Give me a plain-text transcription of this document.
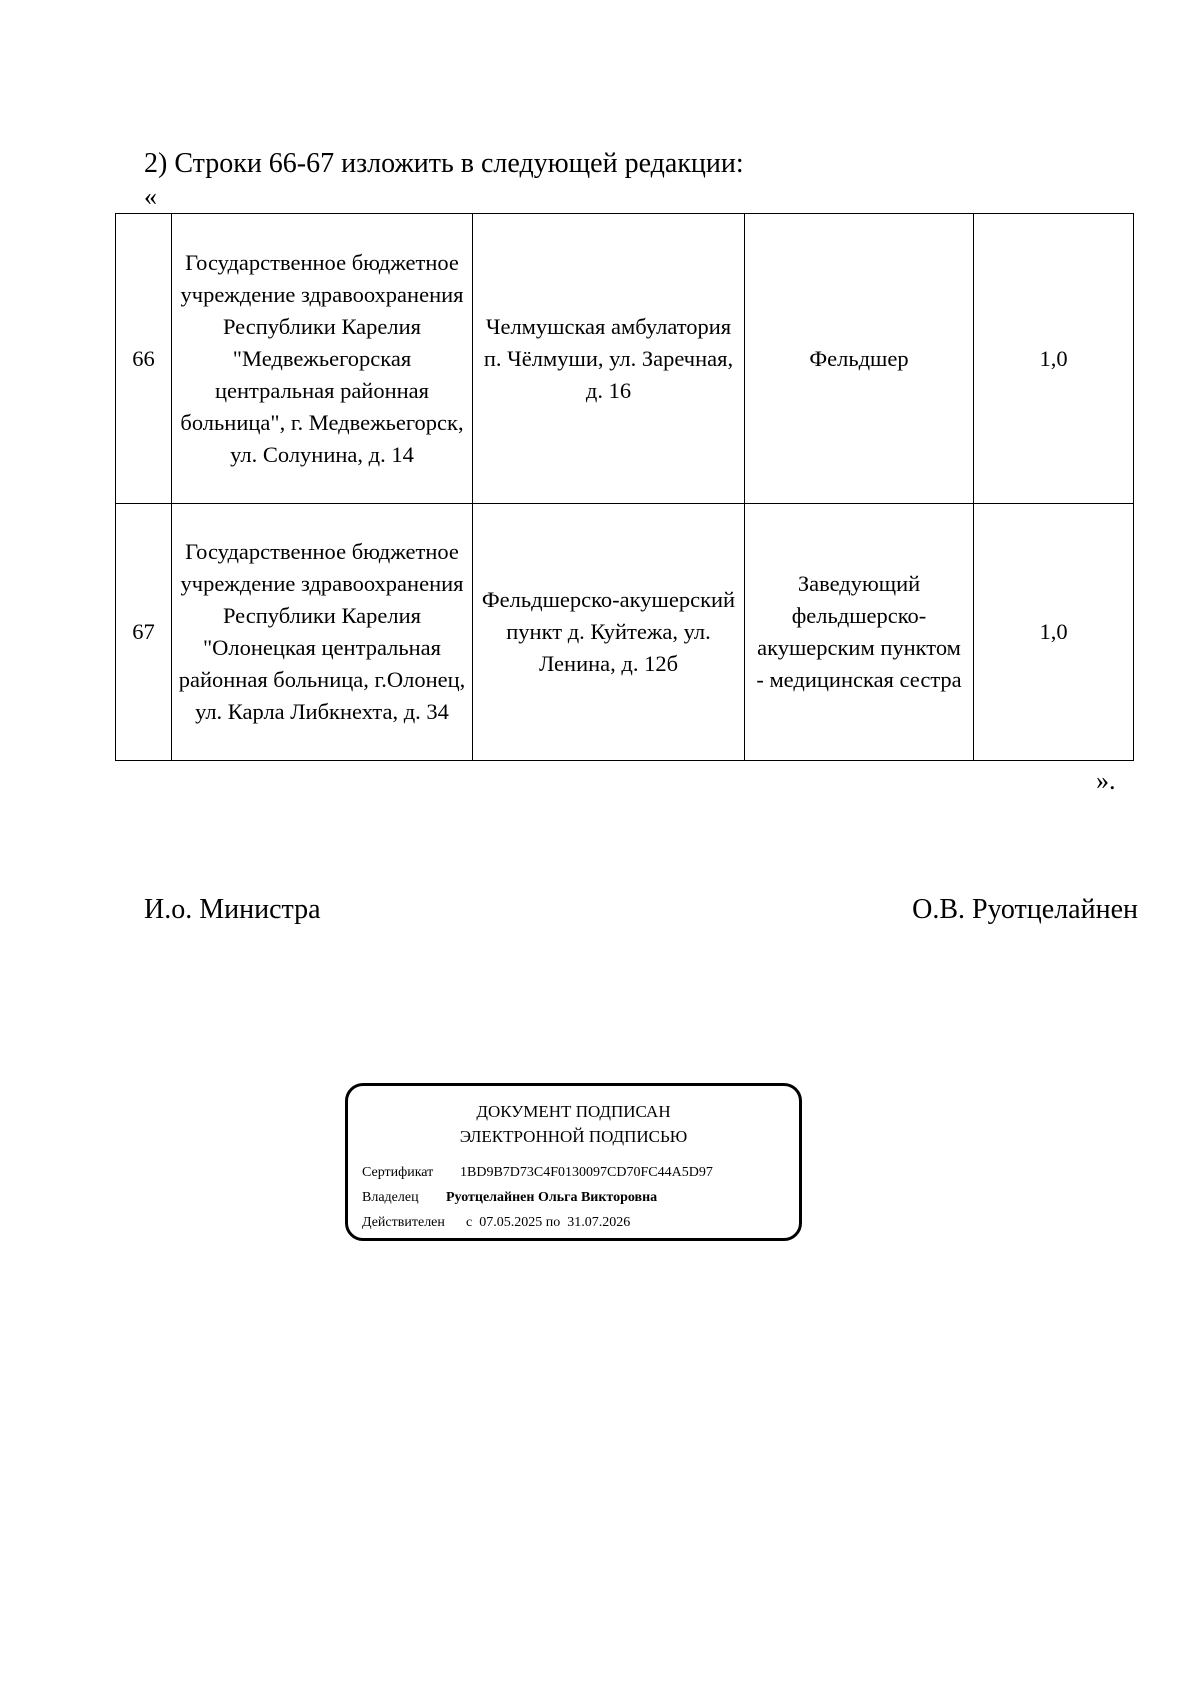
2) Строки 66-67 изложить в следующей редакции:
«
66	Государственное бюджетное учреждение здравоохранения Республики Карелия "Медвежьегорская центральная районная больница", г. Медвежьегорск, ул. Солунина, д. 14	Челмушская амбулатория п. Чёлмуши, ул. Заречная, д. 16	Фельдшер	1,0
67	Государственное бюджетное учреждение здравоохранения Республики Карелия "Олонецкая центральная районная больница, г.Олонец, ул. Карла Либкнехта, д. 34	Фельдшерско-акушерский пункт д. Куйтежа, ул. Ленина, д. 12б	Заведующий фельдшерско-акушерским пунктом - медицинская сестра	1,0
».
И.о. Министра	О.В. Руотцелайнен
ДОКУМЕНТ ПОДПИСАН
ЭЛЕКТРОННОЙ ПОДПИСЬЮ
Сертификат 1BD9B7D73C4F0130097CD70FC44A5D97
Владелец Руотцелайнен Ольга Викторовна
Действителен с  07.05.2025 по  31.07.2026
